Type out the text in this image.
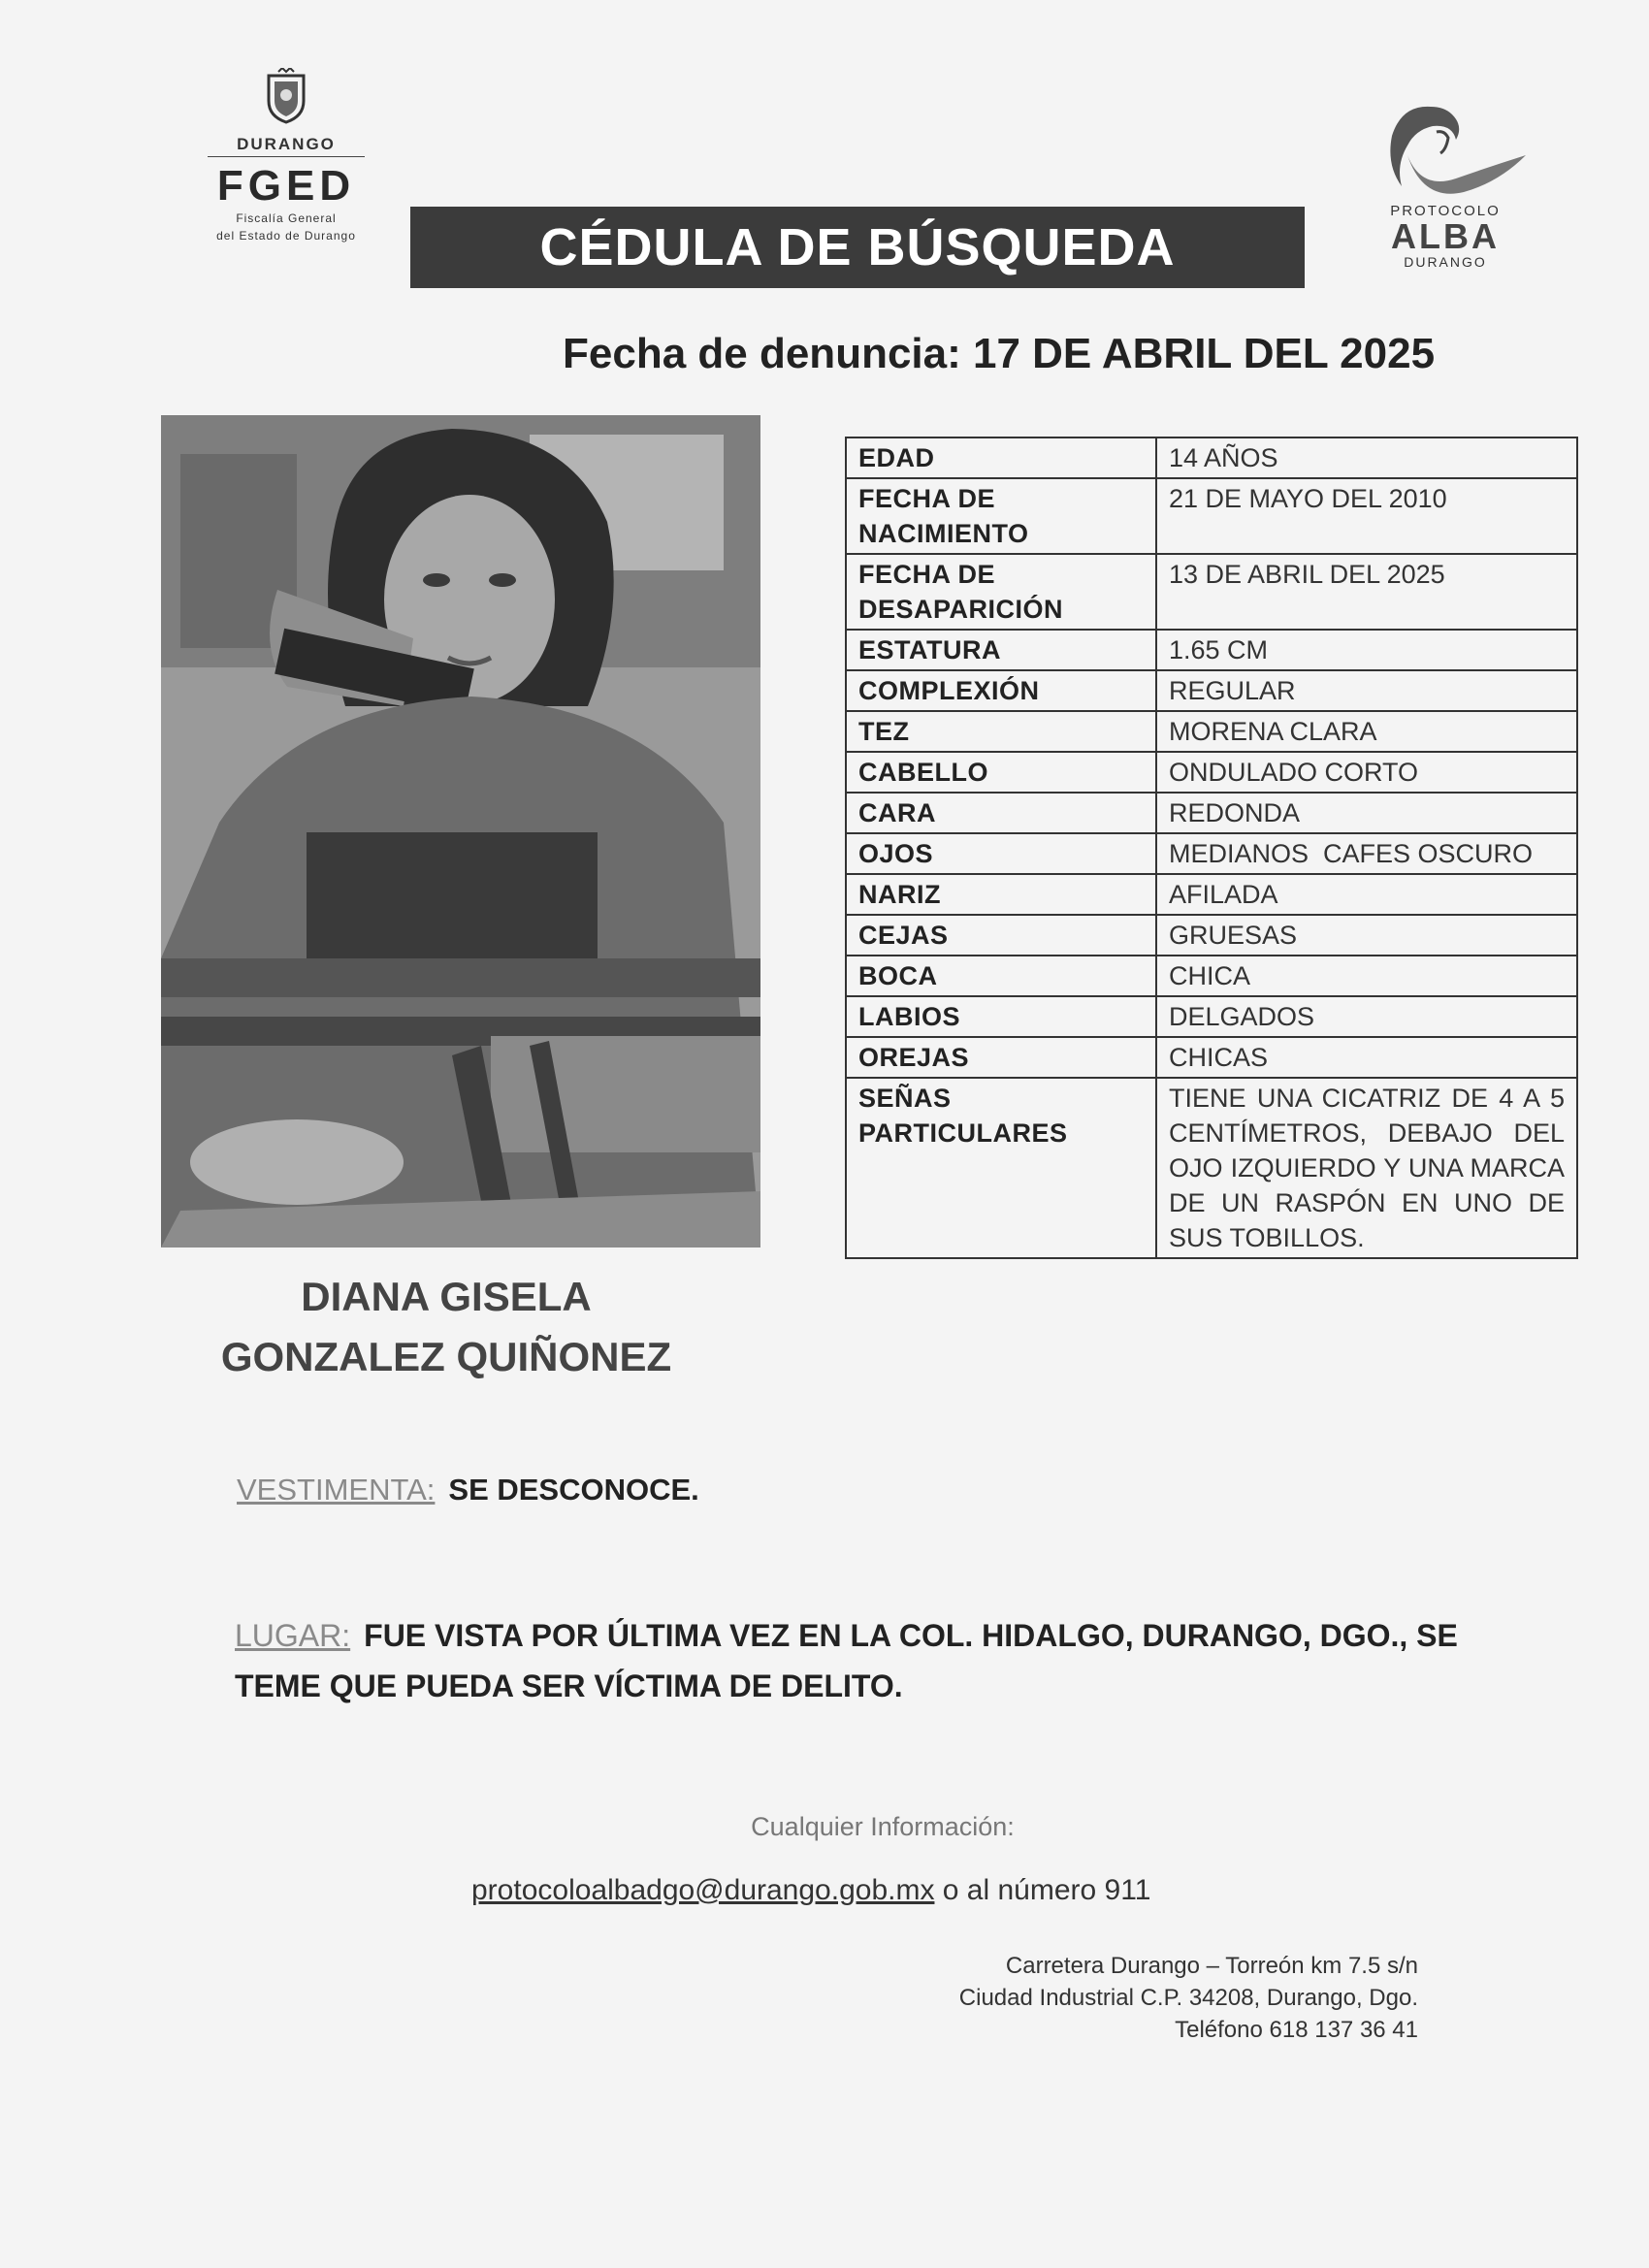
DURANGO
FGED
Fiscalía General
del Estado de Durango
PROTOCOLO
ALBA
DURANGO
CÉDULA DE BÚSQUEDA
Fecha de denuncia: 17 DE ABRIL DEL 2025
EDAD	14 AÑOS
FECHA DE NACIMIENTO	21 DE MAYO DEL 2010
FECHA DE DESAPARICIÓN	13 DE ABRIL DEL 2025
ESTATURA	1.65 CM
COMPLEXIÓN	REGULAR
TEZ	MORENA CLARA
CABELLO	ONDULADO CORTO
CARA	REDONDA
OJOS	MEDIANOS  CAFES OSCURO
NARIZ	AFILADA
CEJAS	GRUESAS
BOCA	CHICA
LABIOS	DELGADOS
OREJAS	CHICAS
SEÑAS PARTICULARES	TIENE UNA CICATRIZ DE 4 A 5 CENTÍMETROS, DEBAJO DEL OJO IZQUIERDO Y UNA MARCA DE UN RASPÓN EN UNO DE SUS TOBILLOS.
DIANA GISELA
GONZALEZ QUIÑONEZ
VESTIMENTA: SE DESCONOCE.
LUGAR: FUE VISTA POR ÚLTIMA VEZ EN LA COL. HIDALGO, DURANGO, DGO., SE TEME QUE PUEDA SER VÍCTIMA DE DELITO.
Cualquier Información:
protocoloalbadgo@durango.gob.mx o al número 911
Carretera Durango – Torreón km 7.5 s/n
Ciudad Industrial C.P. 34208, Durango, Dgo.
Teléfono 618 137 36 41
